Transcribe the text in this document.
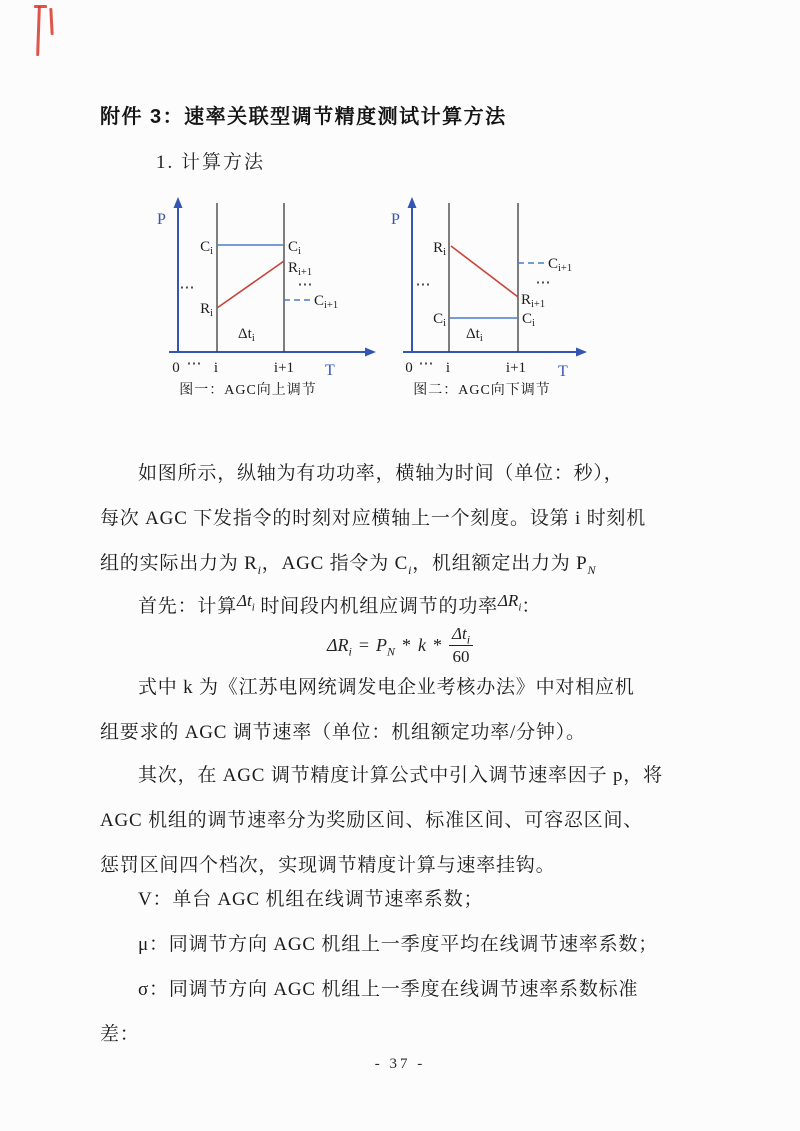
附件 3：速率关联型调节精度测试计算方法
1. 计算方法
P
$C_i$	$C_i$
$R_{i+1}$
⋯
$R_i$
⋯
$C_{i+1}$
$\Delta t_i$
0 ⋯ i	i+1 T
图一：AGC向上调节
P
$R_i$
$C_{i+1}$
⋯	⋯
$R_{i+1}$
$C_i$	$C_i$
$\Delta t_i$
0 ⋯ i	i+1 T
图二：AGC向下调节
如图所示，纵轴为有功功率，横轴为时间（单位：秒），
每次 AGC 下发指令的时刻对应横轴上一个刻度。设第 i 时刻机
组的实际出力为 $R_i$，AGC 指令为 $C_i$，机组额定出力为 $P_N$
首先：计算$\Delta t_i$ 时间段内机组应调节的功率$\Delta R_i$：
$\Delta R_i = P_N * k * \frac{\Delta t_i}{60}$
式中 k 为《江苏电网统调发电企业考核办法》中对相应机
组要求的 AGC 调节速率（单位：机组额定功率/分钟）。
其次，在 AGC 调节精度计算公式中引入调节速率因子 p，将
AGC 机组的调节速率分为奖励区间、标准区间、可容忍区间、
惩罚区间四个档次，实现调节精度计算与速率挂钩。
V：单台 AGC 机组在线调节速率系数；
μ：同调节方向 AGC 机组上一季度平均在线调节速率系数；
σ：同调节方向 AGC 机组上一季度在线调节速率系数标准
差：
- 37 -
